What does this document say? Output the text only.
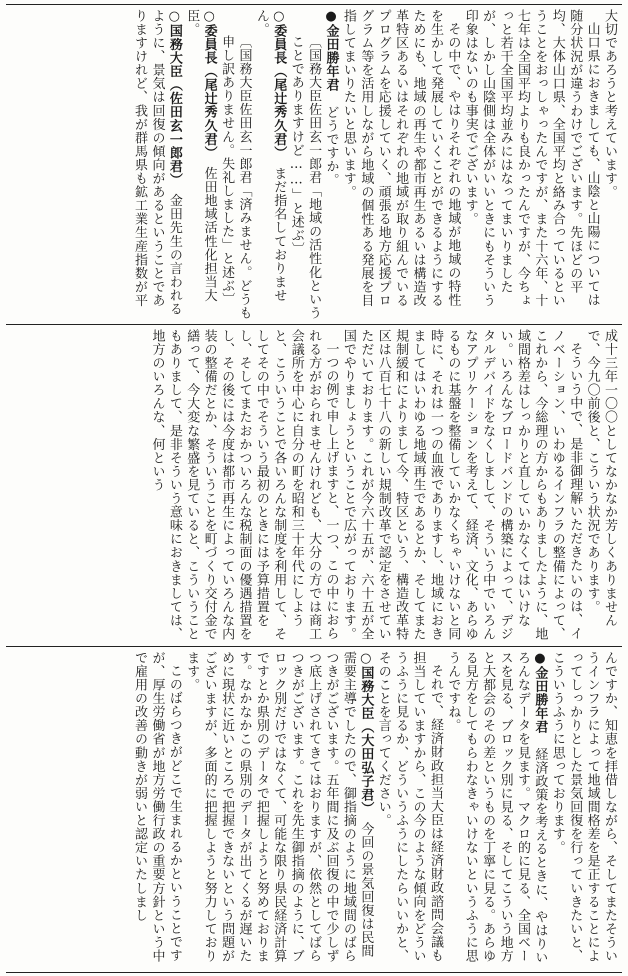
大切であろうと考えています。

山口県におきましても、山陰と山陽については随分状況が違うわけでございます。先ほどの平均、大体山口県、全国平均と絡み合っているということをおっしゃったんですが、また十六年、十七年は全国平均よりも良かったんですが、今ちょっと若干全国平均並みにはなってまいりましたが、しかし山陰側は全体がいいときにもそういう印象はないのも事実でございます。

その中で、やはりそれぞれの地域が地域の特性を生かして発展していくことができるようにするためにも、地域の再生や都市再生あるいは構造改革特区あるいはそれぞれの地域が取り組んでいるプログラムを応援していく、頑張る地方応援プログラム等を活用しながら地域の個性ある発展を目指してまいりたいと思います。

●金田勝年君　どうですか。

〔国務大臣佐田玄一郎君「地域の活性化ということでありますけど……」と述ぶ〕

○委員長（尾辻秀久君）　まだ指名しておりません。

〔国務大臣佐田玄一郎君「済みません。どうも申し訳ありません。失礼しました」と述ぶ〕

○委員長（尾辻秀久君）　佐田地域活性化担当大臣。

○国務大臣（佐田玄一郎君）　金田先生の言われるように、景気は回復の傾向があるということでありますけれど、我が群馬県も鉱工業生産指数が平

成十三年一〇〇としてなかなか芳しくありませんで、今九〇前後と、こういう状況であります。

そういう中で、是非御理解いただきたいのは、イノベーション、いわゆるインフラの整備によって、これから、今総理の方からもありましたように、地域間格差はしっかりと直していかなくてはいけない。いろんなブロードバンドの構築によって、デジタルデバイドをなくしまして、そういう中でいろんなアプリケーションを考えて、経済、文化、あらゆるものに基盤を整備していかなくちゃいけないと同時に、それは一つの血液でありますし、地域におきましてはいわゆる地域再生であるとか、そしてまた規制緩和によりまして今、特区という、構造改革特区は八百七十八の新しい規制改革で認定をさせていただいております。これが今六十五が、六十五が全国でやりましょうということで広がっております。

一つの例で申し上げますと、一つ、この中におられる方がおられませんけれども、大分の方では商工会議所を中心に自分の町を昭和三十年代にしようと、こういうことで各いろんな制度を利用して、そしてその中でそういう最初のときには予算措置をし、そしてまたおかついろんな税制面の優遇措置をし、その後には今度は都市再生によっていろんな内装の整備だとか、そういうことを町づくり交付金で繕って、今大変な繁盛を見ていると、こういうこともありまして、是非そういう意味におきましては、地方のいろんな、何という

んですか、知恵を拝借しながら、そしてまたそういうインフラによって地域間格差を是正することによってしっかりとした景気回復を行っていきたいと、こういうふうに思っております。

●金田勝年君　経済政策を考えるときに、やはりいろんなデータを見ます。マクロ的に見る、全国ベースを見る、ブロック別に見る、そしてこういう地方と大都会のその差というものを丁寧に見る。あらゆる見方をしてもらわなきゃいけないというふうに思うんですね。

それで、経済財政担当大臣は経済財政諮問会議も担当していますから、この今のような傾向をどういうふうに見るか、どういうふうにしたらいいかと、そのことを言ってください。

○国務大臣（大田弘子君）　今回の景気回復は民間需要主導でしたので、御指摘のように地域間のばらつきがございます。五年間に及ぶ回復の中で少しずつ底上げされてきてはおりますが、依然としてばらつきがございます。これを先生御指摘のように、ブロック別だけではなくて、可能な限り県民経済計算ですとか県別のデータで把握しようと努めております。なかなかこの県別のデータが出てくるが遅いために現状に近いところで把握できないという問題がございますが、多面的に把握しようと努力しております。

このばらつきがどこで生まれるかということですが、厚生労働省が地方労働行政の重要方針という中で雇用の改善の動きが弱いと認定いたしまし
